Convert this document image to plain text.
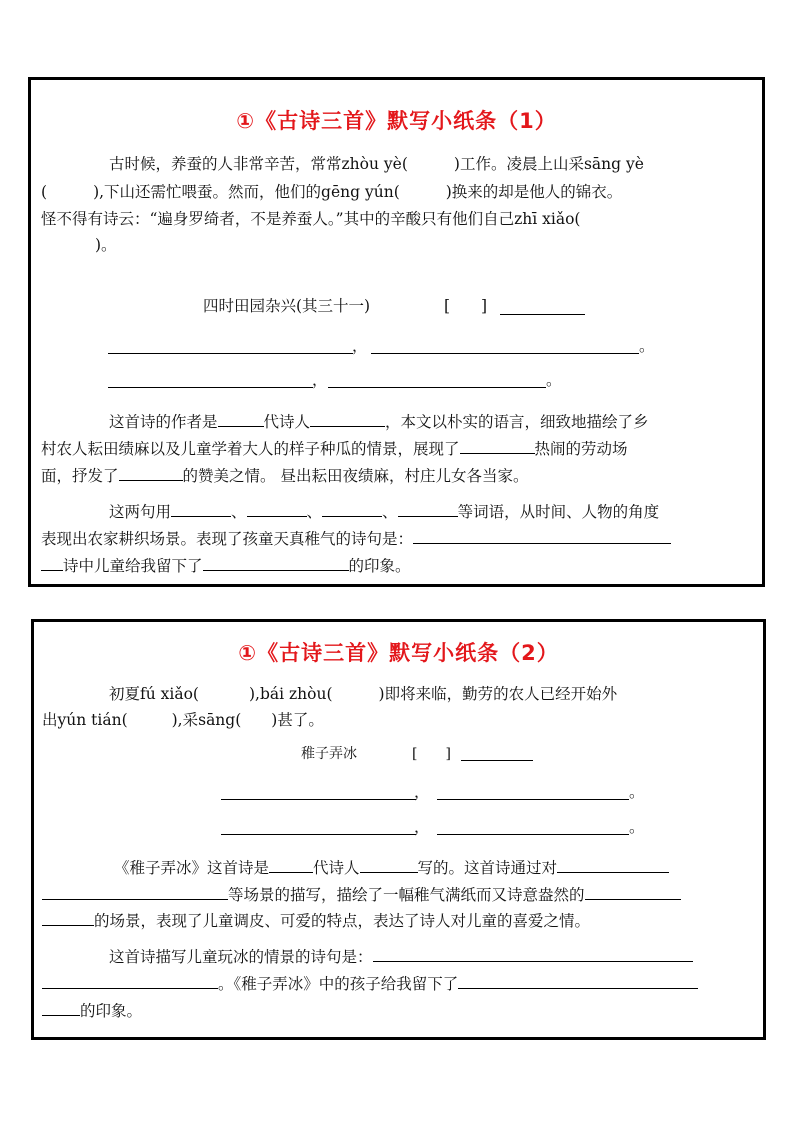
①《古诗三首》默写小纸条（1）
古时候，养蚕的人非常辛苦，常常zhòu yè(	)工作。凌晨上山采sāng yè
(	),下山还需忙喂蚕。然而，他们的gēng yún(	)换来的却是他人的锦衣。
怪不得有诗云：“遍身罗绮者，不是养蚕人。”其中的辛酸只有他们自己zhī xiǎo(
)。
四时田园杂兴(其三十一)	[　　]
，	。
，	。
这首诗的作者是	代诗人	，本文以朴实的语言，细致地描绘了乡
村农人耘田绩麻以及儿童学着大人的样子种瓜的情景，展现了	热闹的劳动场
面，抒发了	的赞美之情。 昼出耘田夜绩麻，村庄儿女各当家。
这两句用	、	、	、	等词语，从时间、人物的角度
表现出农家耕织场景。表现了孩童天真稚气的诗句是：
诗中儿童给我留下了	的印象。
①《古诗三首》默写小纸条（2）
初夏fú xiǎo(	),bái zhòu(	)即将来临，勤劳的农人已经开始外
出yún tián(	),采sāng( )甚了。
稚子弄冰	[　　]
，	。
，	。
《稚子弄冰》这首诗是	代诗人	写的。这首诗通过对
等场景的描写，描绘了一幅稚气满纸而又诗意盎然的
的场景，表现了儿童调皮、可爱的特点，表达了诗人对儿童的喜爱之情。
这首诗描写儿童玩冰的情景的诗句是：
。《稚子弄冰》中的孩子给我留下了
的印象。
